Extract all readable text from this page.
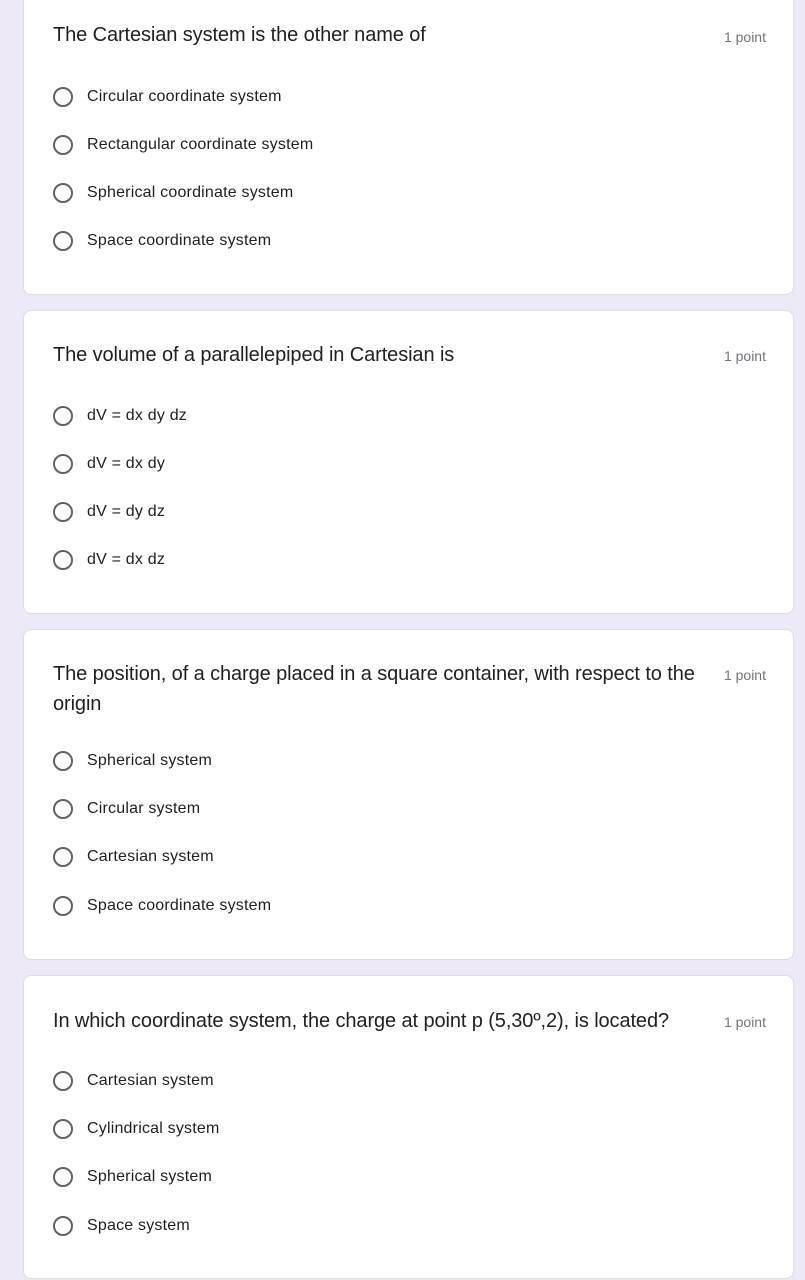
The Cartesian system is the other name of	1 point
Circular coordinate system
Rectangular coordinate system
Spherical coordinate system
Space coordinate system
The volume of a parallelepiped in Cartesian is	1 point
dV = dx dy dz
dV = dx dy
dV = dy dz
dV = dx dz
The position, of a charge placed in a square container, with respect to the origin
1 point
Spherical system
Circular system
Cartesian system
Space coordinate system
In which coordinate system, the charge at point p (5,30º,2), is located?	1 point
Cartesian system
Cylindrical system
Spherical system
Space system
